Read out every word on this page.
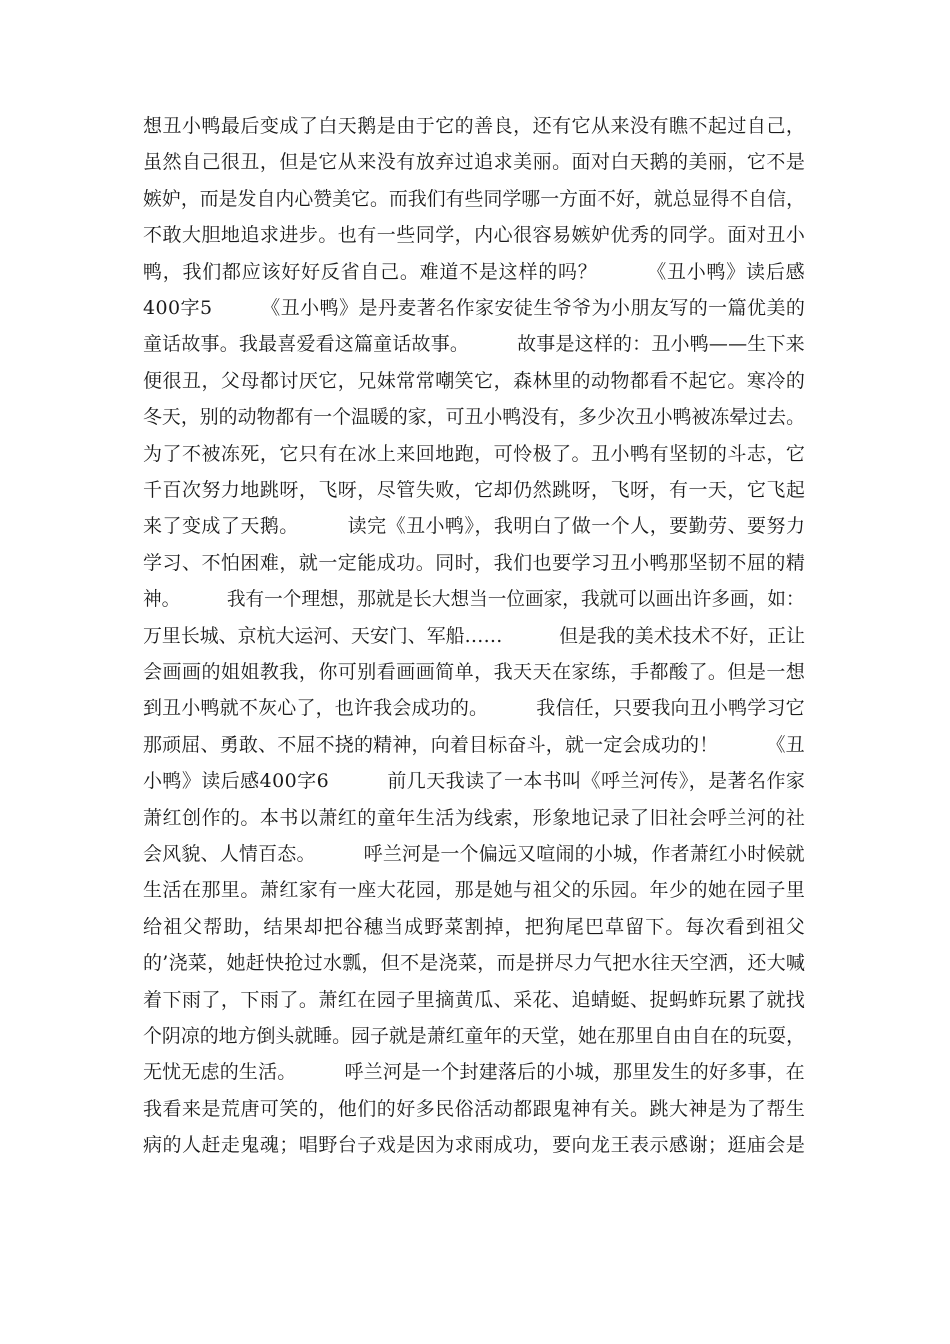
想丑小鸭最后变成了白天鹅是由于它的善良，还有它从来没有瞧不起过自己，
虽然自己很丑，但是它从来没有放弃过追求美丽。面对白天鹅的美丽，它不是
嫉妒，而是发自内心赞美它。而我们有些同学哪一方面不好，就总显得不自信，
不敢大胆地追求进步。也有一些同学，内心很容易嫉妒优秀的同学。面对丑小
鸭，我们都应该好好反省自己。难道不是这样的吗？　　　《丑小鸭》读后感
400字5　　　《丑小鸭》是丹麦著名作家安徒生爷爷为小朋友写的一篇优美的
童话故事。我最喜爱看这篇童话故事。　　　故事是这样的：丑小鸭——生下来
便很丑，父母都讨厌它，兄妹常常嘲笑它，森林里的动物都看不起它。寒冷的
冬天，别的动物都有一个温暖的家，可丑小鸭没有，多少次丑小鸭被冻晕过去。
为了不被冻死，它只有在冰上来回地跑，可怜极了。丑小鸭有坚韧的斗志，它
千百次努力地跳呀，飞呀，尽管失败，它却仍然跳呀，飞呀，有一天，它飞起
来了变成了天鹅。　　　读完《丑小鸭》，我明白了做一个人，要勤劳、要努力
学习、不怕困难，就一定能成功。同时，我们也要学习丑小鸭那坚韧不屈的精
神。　　　我有一个理想，那就是长大想当一位画家，我就可以画出许多画，如：
万里长城、京杭大运河、天安门、军船……　　　但是我的美术技术不好，正让
会画画的姐姐教我，你可别看画画简单，我天天在家练，手都酸了。但是一想
到丑小鸭就不灰心了，也许我会成功的。　　　我信任，只要我向丑小鸭学习它
那顽屈、勇敢、不屈不挠的精神，向着目标奋斗，就一定会成功的！　　　《丑
小鸭》读后感400字6　　　前几天我读了一本书叫《呼兰河传》，是著名作家
萧红创作的。本书以萧红的童年生活为线索，形象地记录了旧社会呼兰河的社
会风貌、人情百态。　　　呼兰河是一个偏远又喧闹的小城，作者萧红小时候就
生活在那里。萧红家有一座大花园，那是她与祖父的乐园。年少的她在园子里
给祖父帮助，结果却把谷穗当成野菜割掉，把狗尾巴草留下。每次看到祖父
的’浇菜，她赶快抢过水瓢，但不是浇菜，而是拼尽力气把水往天空洒，还大喊
着下雨了，下雨了。萧红在园子里摘黄瓜、采花、追蜻蜓、捉蚂蚱玩累了就找
个阴凉的地方倒头就睡。园子就是萧红童年的天堂，她在那里自由自在的玩耍，
无忧无虑的生活。　　　呼兰河是一个封建落后的小城，那里发生的好多事，在
我看来是荒唐可笑的，他们的好多民俗活动都跟鬼神有关。跳大神是为了帮生
病的人赶走鬼魂；唱野台子戏是因为求雨成功，要向龙王表示感谢；逛庙会是
